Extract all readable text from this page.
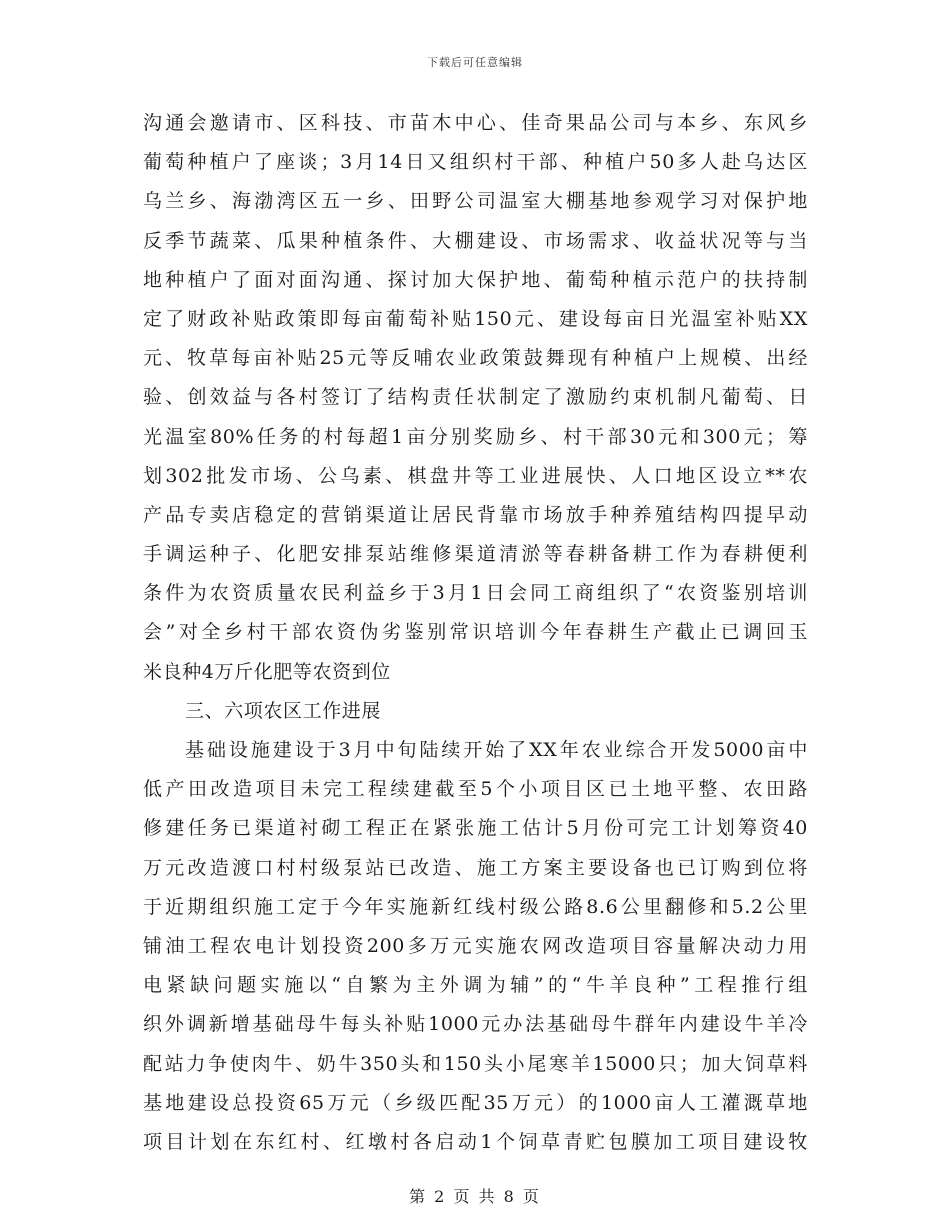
下载后可任意编辑
沟通会邀请市、区科技、市苗木中心、佳奇果品公司与本乡、东风乡
葡萄种植户了座谈；3月14日又组织村干部、种植户50多人赴乌达区
乌兰乡、海渤湾区五一乡、田野公司温室大棚基地参观学习对保护地
反季节蔬菜、瓜果种植条件、大棚建设、市场需求、收益状况等与当
地种植户了面对面沟通、探讨加大保护地、葡萄种植示范户的扶持制
定了财政补贴政策即每亩葡萄补贴150元、建设每亩日光温室补贴XX
元、牧草每亩补贴25元等反哺农业政策鼓舞现有种植户上规模、出经
验、创效益与各村签订了结构责任状制定了激励约束机制凡葡萄、日
光温室80%任务的村每超1亩分别奖励乡、村干部30元和300元；筹
划302批发市场、公乌素、棋盘井等工业进展快、人口地区设立**农
产品专卖店稳定的营销渠道让居民背靠市场放手种养殖结构四提早动
手调运种子、化肥安排泵站维修渠道清淤等春耕备耕工作为春耕便利
条件为农资质量农民利益乡于3月1日会同工商组织了“农资鉴别培训
会”对全乡村干部农资伪劣鉴别常识培训今年春耕生产截止已调回玉
米良种4万斤化肥等农资到位
三、六项农区工作进展
基础设施建设于3月中旬陆续开始了XX年农业综合开发5000亩中
低产田改造项目未完工程续建截至5个小项目区已土地平整、农田路
修建任务已渠道衬砌工程正在紧张施工估计5月份可完工计划筹资40
万元改造渡口村村级泵站已改造、施工方案主要设备也已订购到位将
于近期组织施工定于今年实施新红线村级公路8.6公里翻修和5.2公里
铺油工程农电计划投资200多万元实施农网改造项目容量解决动力用
电紧缺问题实施以“自繁为主外调为辅”的“牛羊良种”工程推行组
织外调新增基础母牛每头补贴1000元办法基础母牛群年内建设牛羊冷
配站力争使肉牛、奶牛350头和150头小尾寒羊15000只；加大饲草料
基地建设总投资65万元（乡级匹配35万元）的1000亩人工灌溉草地
项目计划在东红村、红墩村各启动1个饲草青贮包膜加工项目建设牧
第 2 页 共 8 页
